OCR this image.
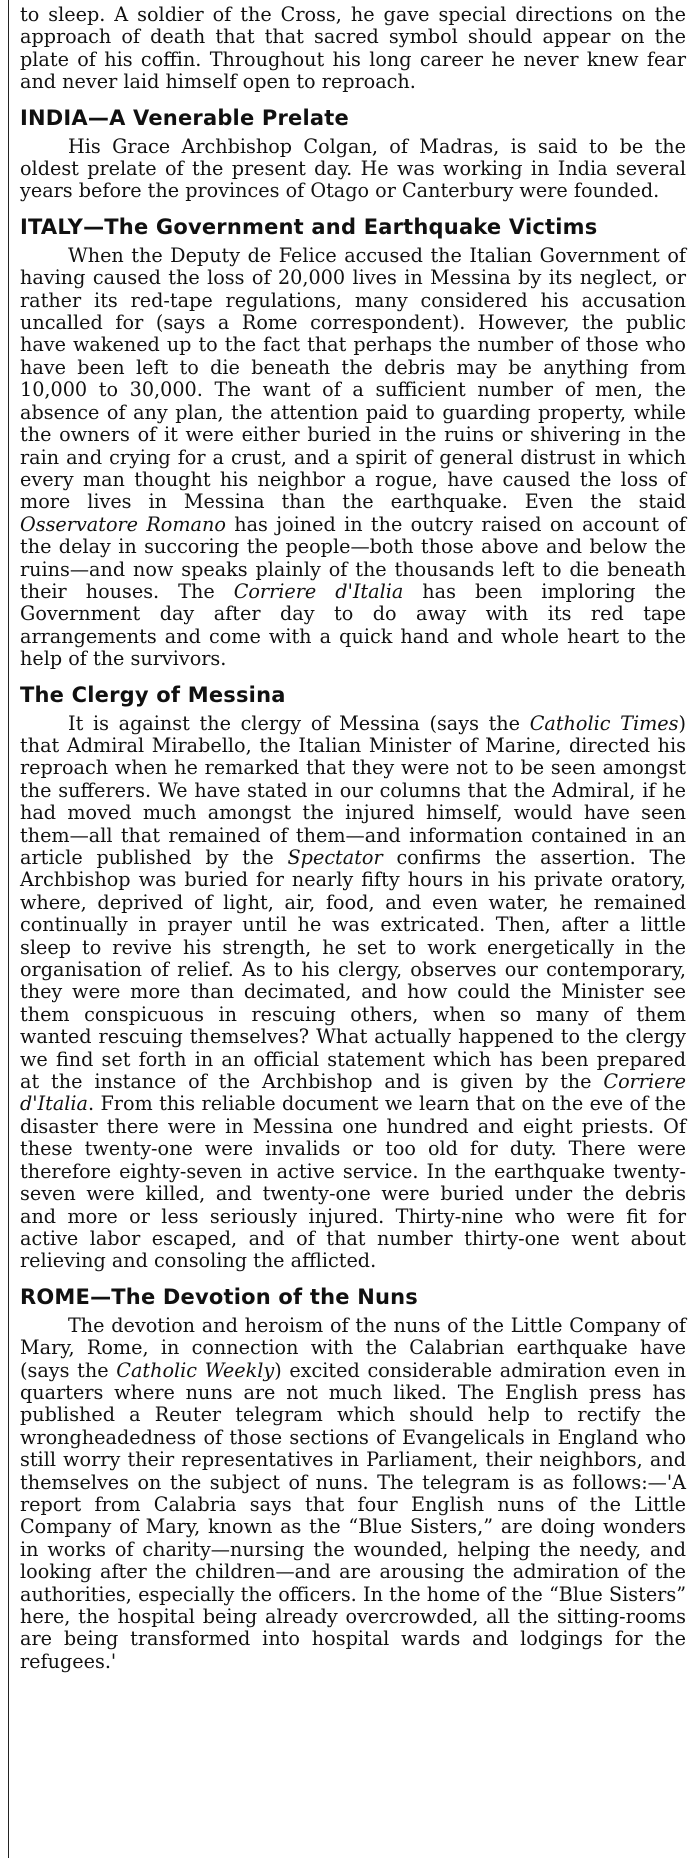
to sleep. A soldier of the Cross, he gave special directions on the approach of death that that sacred symbol should appear on the plate of his coffin. Throughout his long career he never knew fear and never laid himself open to reproach.

INDIA—A Venerable Prelate

His Grace Archbishop Colgan, of Madras, is said to be the oldest prelate of the present day. He was working in India several years before the provinces of Otago or Canterbury were founded.

ITALY—The Government and Earthquake Victims

When the Deputy de Felice accused the Italian Government of having caused the loss of 20,000 lives in Messina by its neglect, or rather its red-tape regulations, many considered his accusation uncalled for (says a Rome correspondent). However, the public have wakened up to the fact that perhaps the number of those who have been left to die beneath the debris may be anything from 10,000 to 30,000. The want of a sufficient number of men, the absence of any plan, the attention paid to guarding property, while the owners of it were either buried in the ruins or shivering in the rain and crying for a crust, and a spirit of general distrust in which every man thought his neighbor a rogue, have caused the loss of more lives in Messina than the earthquake. Even the staid Osservatore Romano has joined in the outcry raised on account of the delay in succoring the people—both those above and below the ruins—and now speaks plainly of the thousands left to die beneath their houses. The Corriere d'Italia has been imploring the Government day after day to do away with its red tape arrangements and come with a quick hand and whole heart to the help of the survivors.

The Clergy of Messina

It is against the clergy of Messina (says the Catholic Times) that Admiral Mirabello, the Italian Minister of Marine, directed his reproach when he remarked that they were not to be seen amongst the sufferers. We have stated in our columns that the Admiral, if he had moved much amongst the injured himself, would have seen them—all that remained of them—and information contained in an article published by the Spectator confirms the assertion. The Archbishop was buried for nearly fifty hours in his private oratory, where, deprived of light, air, food, and even water, he remained continually in prayer until he was extricated. Then, after a little sleep to revive his strength, he set to work energetically in the organisation of relief. As to his clergy, observes our contemporary, they were more than decimated, and how could the Minister see them conspicuous in rescuing others, when so many of them wanted rescuing themselves? What actually happened to the clergy we find set forth in an official statement which has been prepared at the instance of the Archbishop and is given by the Corriere d'Italia. From this reliable document we learn that on the eve of the disaster there were in Messina one hundred and eight priests. Of these twenty-one were invalids or too old for duty. There were therefore eighty-seven in active service. In the earthquake twenty-seven were killed, and twenty-one were buried under the debris and more or less seriously injured. Thirty-nine who were fit for active labor escaped, and of that number thirty-one went about relieving and consoling the afflicted.

ROME—The Devotion of the Nuns

The devotion and heroism of the nuns of the Little Company of Mary, Rome, in connection with the Calabrian earthquake have (says the Catholic Weekly) excited considerable admiration even in quarters where nuns are not much liked. The English press has published a Reuter telegram which should help to rectify the wrongheadedness of those sections of Evangelicals in England who still worry their representatives in Parliament, their neighbors, and themselves on the subject of nuns. The telegram is as follows:—'A report from Calabria says that four English nuns of the Little Company of Mary, known as the “Blue Sisters,” are doing wonders in works of charity—nursing the wounded, helping the needy, and looking after the children—and are arousing the admiration of the authorities, especially the officers. In the home of the “Blue Sisters” here, the hospital being already overcrowded, all the sitting-rooms are being transformed into hospital wards and lodgings for the refugees.'
